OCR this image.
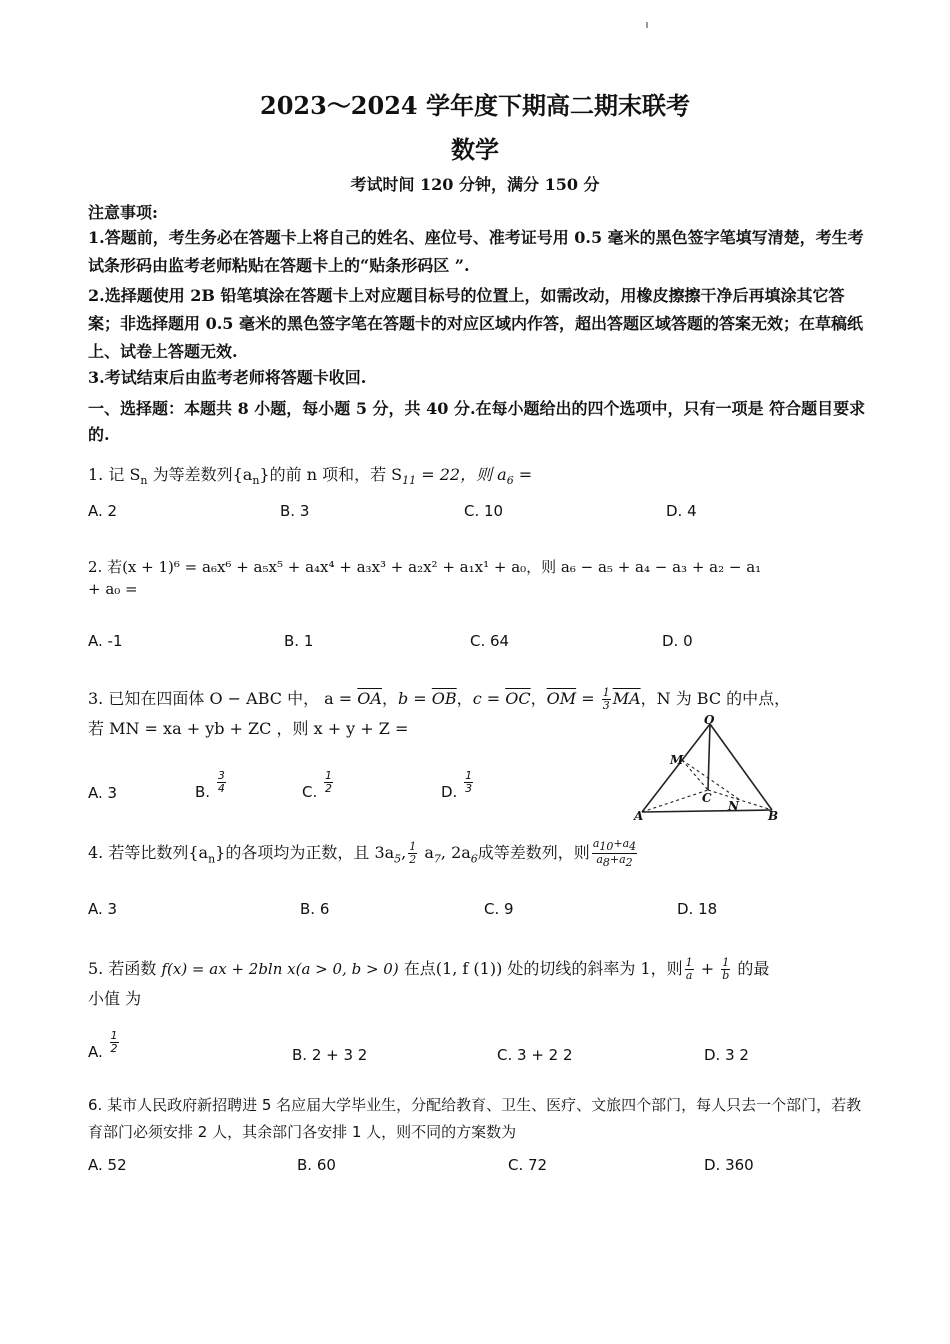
2023～2024 学年度下期高二期末联考
数学
考试时间 120 分钟，满分 150 分
注意事项:
1.答题前，考生务必在答题卡上将自己的姓名、座位号、准考证号用 0.5 毫米的黑色签字笔填写清楚，考生考试条形码由监考老师粘贴在答题卡上的“贴条形码区 ”.
2.选择题使用 2B 铅笔填涂在答题卡上对应题目标号的位置上，如需改动，用橡皮擦擦干净后再填涂其它答案；非选择题用 0.5 毫米的黑色签字笔在答题卡的对应区域内作答，超出答题区域答题的答案无效；在草稿纸上、试卷上答题无效.
3.考试结束后由监考老师将答题卡收回.
一、选择题：本题共 8 小题，每小题 5 分，共 40 分.在每小题给出的四个选项中，只有一项是 符合题目要求的.
1. 记 $S_n$ 为等差数列$\{a_n\}$的前 n 项和，若 $S_{11} = 22$，则 $a_6$ =
A. 2	B. 3	C. 10	D. 4
2. 若(x + 1)⁶ = a₆x⁶ + a₅x⁵ + a₄x⁴ + a₃x³ + a₂x² + a₁x¹ + a₀，则 a₆ − a₅ + a₄ − a₃ + a₂ − a₁
+ a₀ =
A. -1	B. 1	C. 64	D. 0
3. 已知在四面体 O − ABC 中， $a = \overline{OA}$，$b = \overline{OB}$，$c = \overline{OC}$，$\overline{OM} = \frac{1}{3} \overline{MA}$，N 为 BC 的中点，
若 MN = xa + yb + ZC ，则 x + y + Z =	O
M
C
N
A	B
A. 3	B. $\frac{3}{4}$	C. $\frac{1}{2}$	D. $\frac{1}{3}$
4. 若等比数列$\{a_n\}$的各项均为正数，且 $3a_5$, $\frac{1}{2} a_7$, $2a_6$成等差数列，则 $\frac{a_{10}+a_4}{a_8+a_2}$
A. 3	B. 6	C. 9	D. 18
5. 若函数 f(x) = ax + 2bln x(a > 0, b > 0) 在点(1, f (1)) 处的切线的斜率为 1，则 $\frac{1}{a} + \frac{1}{b}$ 的最
小值 为
A. $\frac{1}{2}$	B. 2 + 3 2	C. 3 + 2 2	D. 3 2
6. 某市人民政府新招聘进 5 名应届大学毕业生，分配给教育、卫生、医疗、文旅四个部门，每人只去一个部门，若教育部门必须安排 2 人，其余部门各安排 1 人，则不同的方案数为
A. 52	B. 60	C. 72	D. 360
